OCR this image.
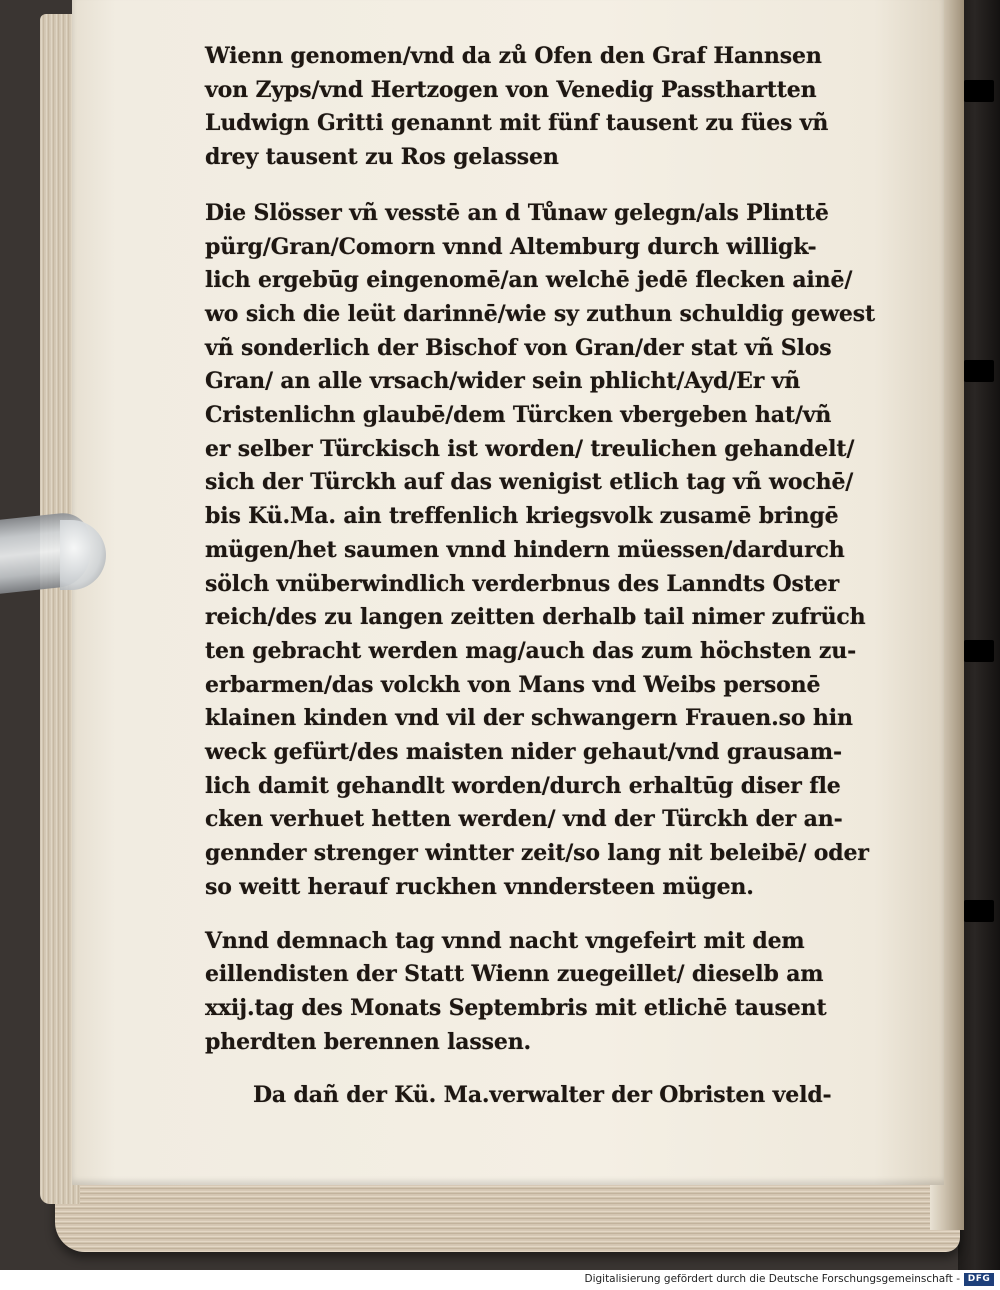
Wienn genomen/vnd da zů Ofen den Graf Hannsen
von Zyps/vnd Hertzogen von Venedig Passthartten
Ludwign Gritti genannt mit fünf tausent zu fües vñ
drey tausent zu Ros gelassen
Die Slösser vñ vesstē an d Tůnaw gelegn/als Plinttē
pürg/Gran/Comorn vnnd Altemburg durch willigk-
lich ergebūg eingenomē/an welchē jedē flecken ainē/
wo sich die leüt darinnē/wie sy zuthun schuldig gewest
vñ sonderlich der Bischof von Gran/der stat vñ Slos
Gran/ an alle vrsach/wider sein phlicht/Ayd/Er vñ
Cristenlichn glaubē/dem Türcken vbergeben hat/vñ
er selber Türckisch ist worden/ treulichen gehandelt/
sich der Türckh auf das wenigist etlich tag vñ wochē/
bis Kü.Ma. ain treffenlich kriegsvolk zusamē bringē
mügen/het saumen vnnd hindern müessen/dardurch
sölch vnüberwindlich verderbnus des Lanndts Oster
reich/des zu langen zeitten derhalb tail nimer zufrüch
ten gebracht werden mag/auch das zum höchsten zu-
erbarmen/das volckh von Mans vnd Weibs personē
klainen kinden vnd vil der schwangern Frauen.so hin
weck gefürt/des maisten nider gehaut/vnd grausam-
lich damit gehandlt worden/durch erhaltūg diser fle
cken verhuet hetten werden/ vnd der Türckh der an-
gennder strenger wintter zeit/so lang nit beleibē/ oder
so weitt herauf ruckhen vnndersteen mügen.
Vnnd demnach tag vnnd nacht vngefeirt mit dem
eillendisten der Statt Wienn zuegeillet/ dieselb am
xxij.tag des Monats Septembris mit etlichē tausent
pherdten berennen lassen.
Da dañ der Kü. Ma.verwalter der Obristen veld-
Digitalisierung gefördert durch die Deutsche Forschungsgemeinschaft - DFG
